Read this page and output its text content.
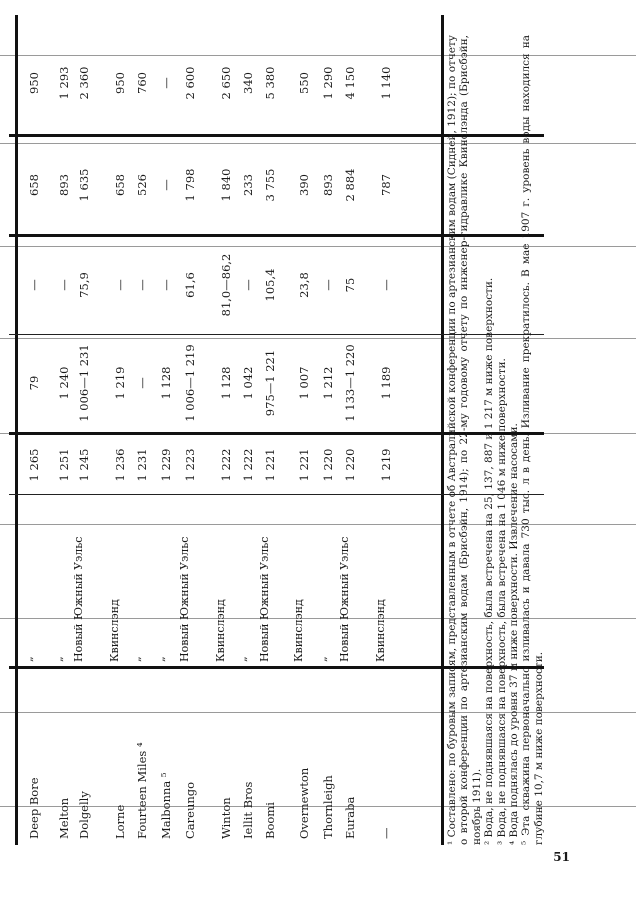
Deep Bore
„
1 265
79
—
658
950
Melton
„
1 251
1 240
—
893
1 293
Dolgelly
Новый Южный Уэльс
1 245
1 006—1 231
75,9
1 635
2 360
Lorne
Квинслэнд
1 236
1 219
—
658
950
Fourteen Miles ⁴
„
1 231
—
—
526
760
Malbonna ⁵
„
1 229
1 128
—
—
—
Careungo
Новый Южный Уэльс
1 223
1 006—1 219
61,6
1 798
2 600
Winton
Квинслэнд
1 222
1 128
81,0—86,2
1 840
2 650
Iellit Bros
„
1 222
1 042
—
233
340
Boomi
Новый Южный Уэльс
1 221
975—1 221
105,4
3 755
5 380
Overnewton
Квинслэнд
1 221
1 007
23,8
390
550
Thornleigh
„
1 220
1 212
—
893
1 290
Eurabа
Новый Южный Уэльс
1 220
1 133—1 220
75
2 884
4 150
—
Квинслэнд
1 219
1 189
—
787
1 140	¹ Составлено: по буровым записям, представленным в отчете об Австралийской конференции по артезианским водам (Сидней, 1912); по отчету о второй конференции по артезианским водам (Брисбэйн, 1914); по 22-му годовому отчету по инженер-гидравлике Квинслэнда (Брисбэйн, ноябрь 1911). ² Вода, не поднявшаяся на поверхность, была встречена на 25, 137, 887 и 1 217 м ниже поверхности. ³ Вода, не поднявшаяся на поверхность, была встречена на 1 046 м ниже поверхности. ⁴ Вода поднялась до уровня 37 м ниже поверхности. Извлечение насосами. ⁵ Эта скважина первоначально изливалась и давала 730 тыс. л в день. Изливание прекратилось. В мае 1907 г. уровень воды находился на глубине 10,7 м ниже поверхности.

51
